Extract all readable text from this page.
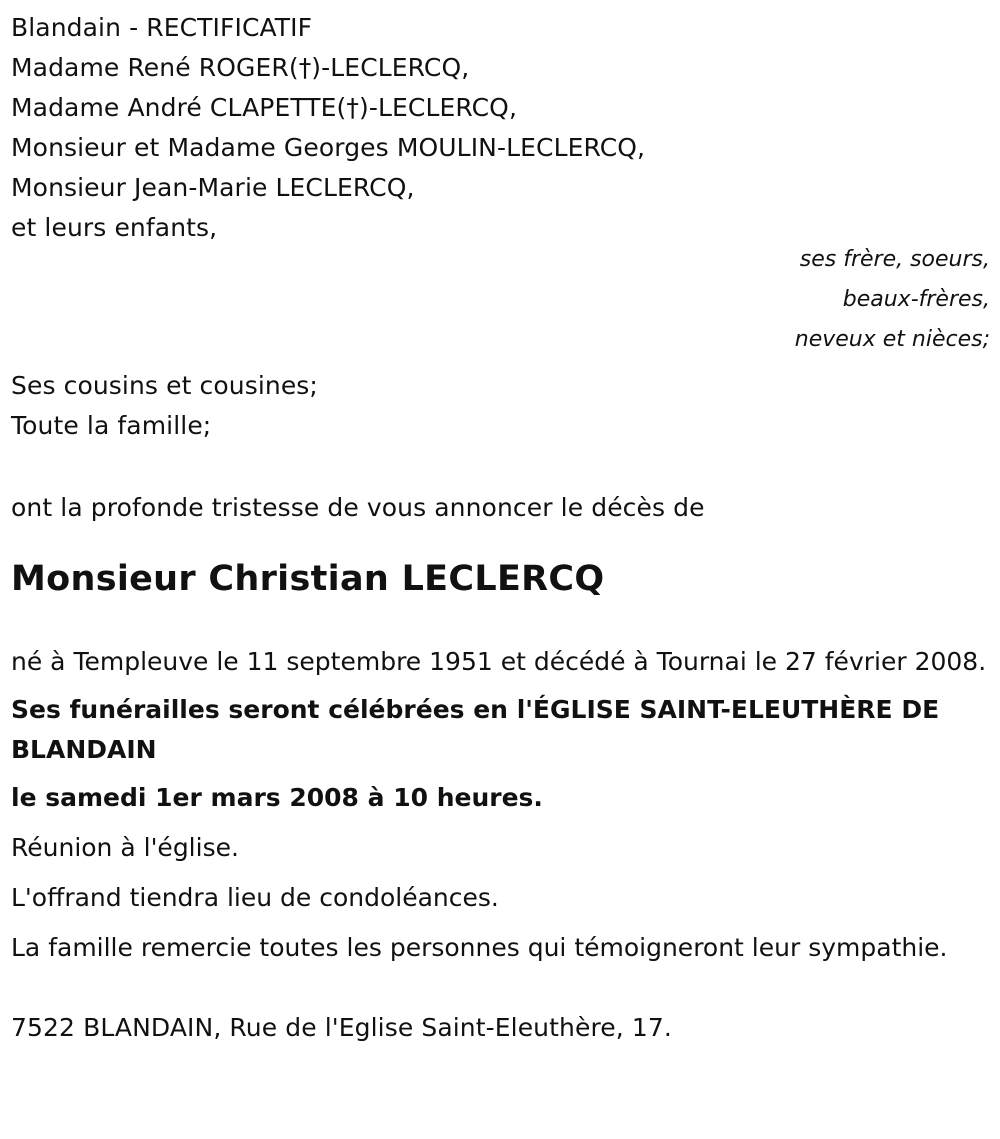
Blandain - RECTIFICATIF
Madame René ROGER(†)-LECLERCQ,
Madame André CLAPETTE(†)-LECLERCQ,
Monsieur et Madame Georges MOULIN-LECLERCQ,
Monsieur Jean-Marie LECLERCQ,
et leurs enfants,
ses frère, soeurs,
beaux-frères,
neveux et nièces;
Ses cousins et cousines;
Toute la famille;
ont la profonde tristesse de vous annoncer le décès de
Monsieur Christian LECLERCQ

né à Templeuve le 11 septembre 1951 et décédé à Tournai le 27 février 2008.

Ses funérailles seront célébrées en l'ÉGLISE SAINT-ELEUTHÈRE DE BLANDAIN

le samedi 1er mars 2008 à 10 heures.

Réunion à l'église.

L'offrand tiendra lieu de condoléances.

La famille remercie toutes les personnes qui témoigneront leur sympathie.

7522 BLANDAIN, Rue de l'Eglise Saint-Eleuthère, 17.
